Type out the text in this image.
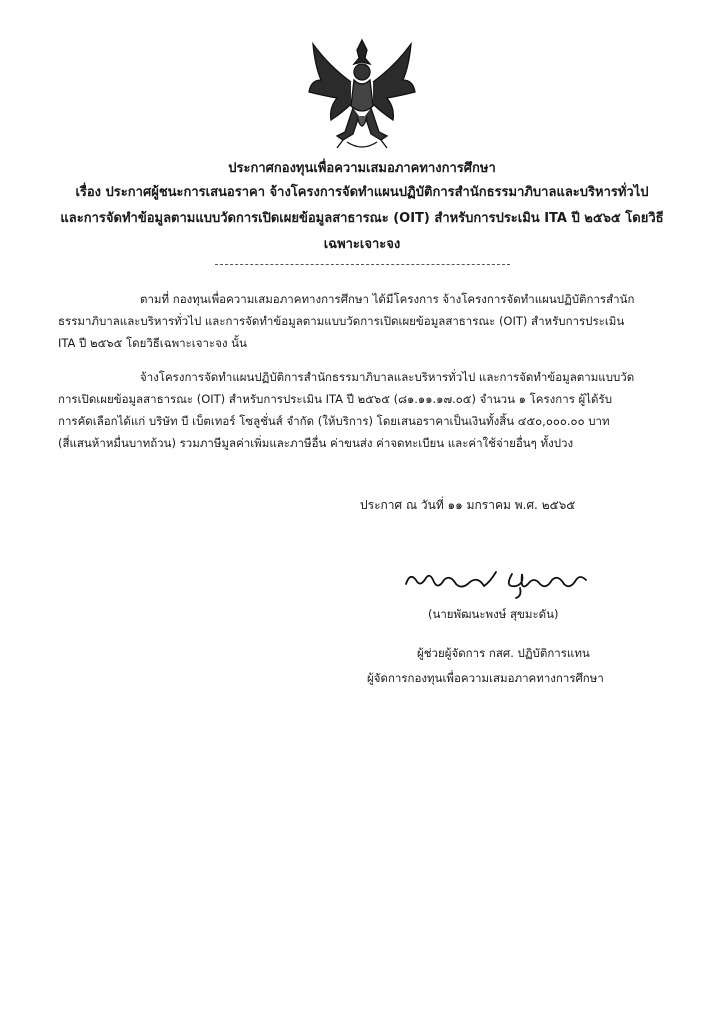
ประกาศกองทุนเพื่อความเสมอภาคทางการศึกษา
เรื่อง ประกาศผู้ชนะการเสนอราคา จ้างโครงการจัดทำแผนปฏิบัติการสำนักธรรมาภิบาลและบริหารทั่วไป
และการจัดทำข้อมูลตามแบบวัดการเปิดเผยข้อมูลสาธารณะ (OIT) สำหรับการประเมิน ITA ปี ๒๕๖๕ โดยวิธี
เฉพาะเจาะจง
ตามที่ กองทุนเพื่อความเสมอภาคทางการศึกษา ได้มีโครงการ จ้างโครงการจัดทำแผนปฏิบัติการสำนัก
ธรรมาภิบาลและบริหารทั่วไป และการจัดทำข้อมูลตามแบบวัดการเปิดเผยข้อมูลสาธารณะ (OIT) สำหรับการประเมิน
ITA ปี ๒๕๖๕ โดยวิธีเฉพาะเจาะจง นั้น
จ้างโครงการจัดทำแผนปฏิบัติการสำนักธรรมาภิบาลและบริหารทั่วไป และการจัดทำข้อมูลตามแบบวัด
การเปิดเผยข้อมูลสาธารณะ (OIT) สำหรับการประเมิน ITA ปี ๒๕๖๕ (๘๑.๑๑.๑๗.๐๕) จำนวน ๑ โครงการ ผู้ได้รับ
การคัดเลือกได้แก่ บริษัท บี เบ็ตเทอร์ โซลูชั่นส์ จำกัด (ให้บริการ) โดยเสนอราคาเป็นเงินทั้งสิ้น ๔๕๐,๐๐๐.๐๐ บาท
(สี่แสนห้าหมื่นบาทถ้วน) รวมภาษีมูลค่าเพิ่มและภาษีอื่น ค่าขนส่ง ค่าจดทะเบียน และค่าใช้จ่ายอื่นๆ ทั้งปวง
ประกาศ ณ วันที่ ๑๑ มกราคม พ.ศ. ๒๕๖๕
(นายพัฒนะพงษ์ สุขมะดัน)
ผู้ช่วยผู้จัดการ กสศ. ปฏิบัติการแทน
ผู้จัดการกองทุนเพื่อความเสมอภาคทางการศึกษา
